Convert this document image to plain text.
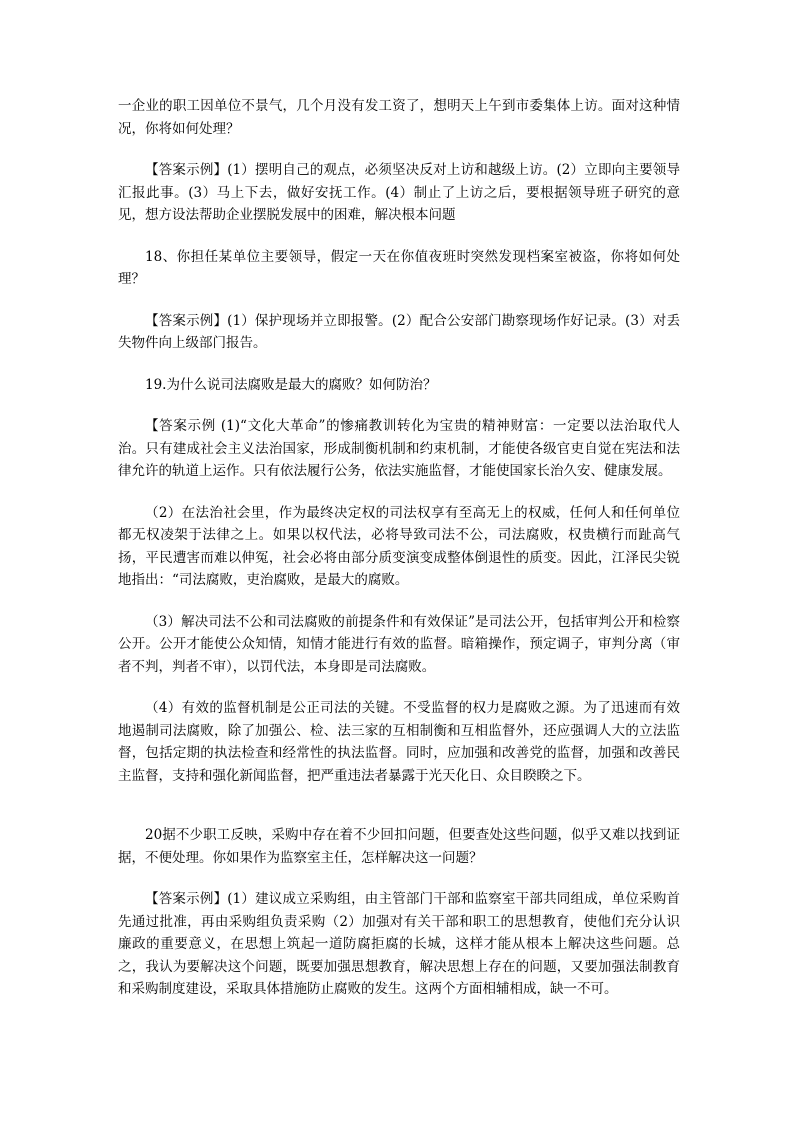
一企业的职工因单位不景气，几个月没有发工资了，想明天上午到市委集体上访。面对这种情况，你将如何处理？

【答案示例】(1）摆明自己的观点，必须坚决反对上访和越级上访。(2）立即向主要领导汇报此事。(3）马上下去，做好安抚工作。(4）制止了上访之后，要根据领导班子研究的意见，想方设法帮助企业摆脱发展中的困难，解决根本问题

18、你担任某单位主要领导，假定一天在你值夜班时突然发现档案室被盗，你将如何处理？

【答案示例】(1）保护现场并立即报警。(2）配合公安部门勘察现场作好记录。(3）对丢失物件向上级部门报告。

19.为什么说司法腐败是最大的腐败？如何防治？

【答案示例 (1)“文化大革命”的惨痛教训转化为宝贵的精神财富：一定要以法治取代人治。只有建成社会主义法治国家，形成制衡机制和约束机制，才能使各级官吏自觉在宪法和法律允许的轨道上运作。只有依法履行公务，依法实施监督，才能使国家长治久安、健康发展。

（2）在法治社会里，作为最终决定权的司法权享有至高无上的权威，任何人和任何单位都无权凌架于法律之上。如果以权代法，必将导致司法不公，司法腐败，权贵横行而趾高气扬，平民遭害而难以伸冤，社会必将由部分质变演变成整体倒退性的质变。因此，江泽民尖锐地指出：“司法腐败，吏治腐败，是最大的腐败。

（3）解决司法不公和司法腐败的前提条件和有效保证”是司法公开，包括审判公开和检察公开。公开才能使公众知情，知情才能进行有效的监督。暗箱操作，预定调子，审判分离（审者不判，判者不审），以罚代法，本身即是司法腐败。

（4）有效的监督机制是公正司法的关键。不受监督的权力是腐败之源。为了迅速而有效地遏制司法腐败，除了加强公、检、法三家的互相制衡和互相监督外，还应强调人大的立法监督，包括定期的执法检查和经常性的执法监督。同时，应加强和改善党的监督，加强和改善民主监督，支持和强化新闻监督，把严重违法者暴露于光天化日、众目睽睽之下。

20据不少职工反映，采购中存在着不少回扣问题，但要查处这些问题，似乎又难以找到证据，不便处理。你如果作为监察室主任，怎样解决这一问题？

【答案示例】(1）建议成立采购组，由主管部门干部和监察室干部共同组成，单位采购首先通过批准，再由采购组负责采购（2）加强对有关干部和职工的思想教育，使他们充分认识廉政的重要意义，在思想上筑起一道防腐拒腐的长城，这样才能从根本上解决这些问题。总之，我认为要解决这个问题，既要加强思想教育，解决思想上存在的问题，又要加强法制教育和采购制度建设，采取具体措施防止腐败的发生。这两个方面相辅相成，缺一不可。
